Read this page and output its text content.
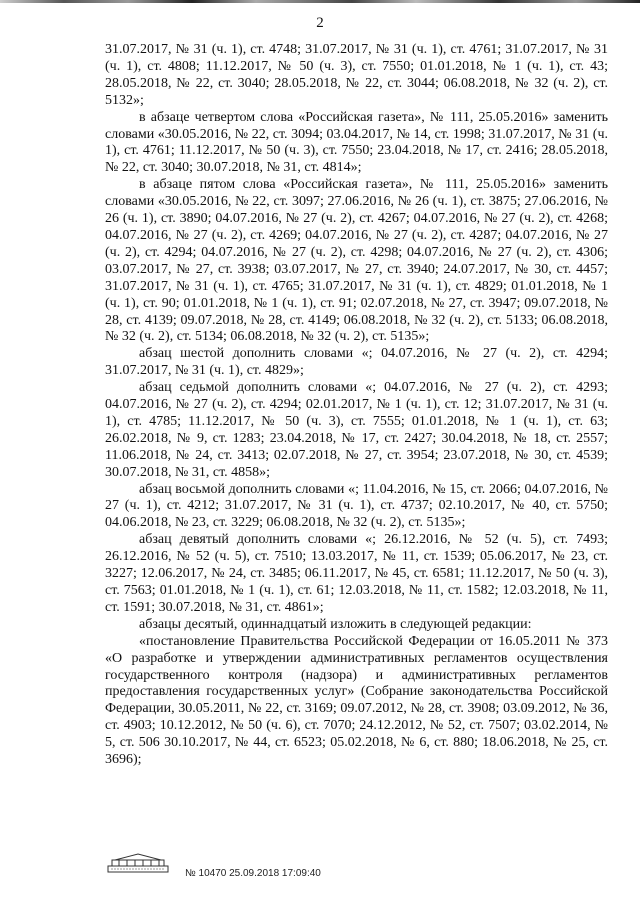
2

31.07.2017, № 31 (ч. 1), ст. 4748; 31.07.2017, № 31 (ч. 1), ст. 4761; 31.07.2017, № 31 (ч. 1), ст. 4808; 11.12.2017, № 50 (ч. 3), ст. 7550; 01.01.2018, № 1 (ч. 1), ст. 43; 28.05.2018, № 22, ст. 3040; 28.05.2018, № 22, ст. 3044; 06.08.2018, № 32 (ч. 2), ст. 5132»;

в абзаце четвертом слова «Российская газета», № 111, 25.05.2016» заменить словами «30.05.2016, № 22, ст. 3094; 03.04.2017, № 14, ст. 1998; 31.07.2017, № 31 (ч. 1), ст. 4761; 11.12.2017, № 50 (ч. 3), ст. 7550; 23.04.2018, № 17, ст. 2416; 28.05.2018, № 22, ст. 3040; 30.07.2018, № 31, ст. 4814»;

в абзаце пятом слова «Российская газета», № 111, 25.05.2016» заменить словами «30.05.2016, № 22, ст. 3097; 27.06.2016, № 26 (ч. 1), ст. 3875; 27.06.2016, № 26 (ч. 1), ст. 3890; 04.07.2016, № 27 (ч. 2), ст. 4267; 04.07.2016, № 27 (ч. 2), ст. 4268; 04.07.2016, № 27 (ч. 2), ст. 4269; 04.07.2016, № 27 (ч. 2), ст. 4287; 04.07.2016, № 27 (ч. 2), ст. 4294; 04.07.2016, № 27 (ч. 2), ст. 4298; 04.07.2016, № 27 (ч. 2), ст. 4306; 03.07.2017, № 27, ст. 3938; 03.07.2017, № 27, ст. 3940; 24.07.2017, № 30, ст. 4457; 31.07.2017, № 31 (ч. 1), ст. 4765; 31.07.2017, № 31 (ч. 1), ст. 4829; 01.01.2018, № 1 (ч. 1), ст. 90; 01.01.2018, № 1 (ч. 1), ст. 91; 02.07.2018, № 27, ст. 3947; 09.07.2018, № 28, ст. 4139; 09.07.2018, № 28, ст. 4149; 06.08.2018, № 32 (ч. 2), ст. 5133; 06.08.2018, № 32 (ч. 2), ст. 5134; 06.08.2018, № 32 (ч. 2), ст. 5135»;

абзац шестой дополнить словами «; 04.07.2016, № 27 (ч. 2), ст. 4294; 31.07.2017, № 31 (ч. 1), ст. 4829»;

абзац седьмой дополнить словами «; 04.07.2016, № 27 (ч. 2), ст. 4293; 04.07.2016, № 27 (ч. 2), ст. 4294; 02.01.2017, № 1 (ч. 1), ст. 12; 31.07.2017, № 31 (ч. 1), ст. 4785; 11.12.2017, № 50 (ч. 3), ст. 7555; 01.01.2018, № 1 (ч. 1), ст. 63; 26.02.2018, № 9, ст. 1283; 23.04.2018, № 17, ст. 2427; 30.04.2018, № 18, ст. 2557; 11.06.2018, № 24, ст. 3413; 02.07.2018, № 27, ст. 3954; 23.07.2018, № 30, ст. 4539; 30.07.2018, № 31, ст. 4858»;

абзац восьмой дополнить словами «; 11.04.2016, № 15, ст. 2066; 04.07.2016, № 27 (ч. 1), ст. 4212; 31.07.2017, № 31 (ч. 1), ст. 4737; 02.10.2017, № 40, ст. 5750; 04.06.2018, № 23, ст. 3229; 06.08.2018, № 32 (ч. 2), ст. 5135»;

абзац девятый дополнить словами «; 26.12.2016, № 52 (ч. 5), ст. 7493; 26.12.2016, № 52 (ч. 5), ст. 7510; 13.03.2017, № 11, ст. 1539; 05.06.2017, № 23, ст. 3227; 12.06.2017, № 24, ст. 3485; 06.11.2017, № 45, ст. 6581; 11.12.2017, № 50 (ч. 3), ст. 7563; 01.01.2018, № 1 (ч. 1), ст. 61; 12.03.2018, № 11, ст. 1582; 12.03.2018, № 11, ст. 1591; 30.07.2018, № 31, ст. 4861»;

абзацы десятый, одиннадцатый изложить в следующей редакции:

«постановление Правительства Российской Федерации от 16.05.2011 № 373 «О разработке и утверждении административных регламентов осуществления государственного контроля (надзора) и административных регламентов предоставления государственных услуг» (Собрание законодательства Российской Федерации, 30.05.2011, № 22, ст. 3169; 09.07.2012, № 28, ст. 3908; 03.09.2012, № 36, ст. 4903; 10.12.2012, № 50 (ч. 6), ст. 7070; 24.12.2012, № 52, ст. 7507; 03.02.2014, № 5, ст. 506 30.10.2017, № 44, ст. 6523; 05.02.2018, № 6, ст. 880; 18.06.2018, № 25, ст. 3696);

№ 10470 25.09.2018 17:09:40
